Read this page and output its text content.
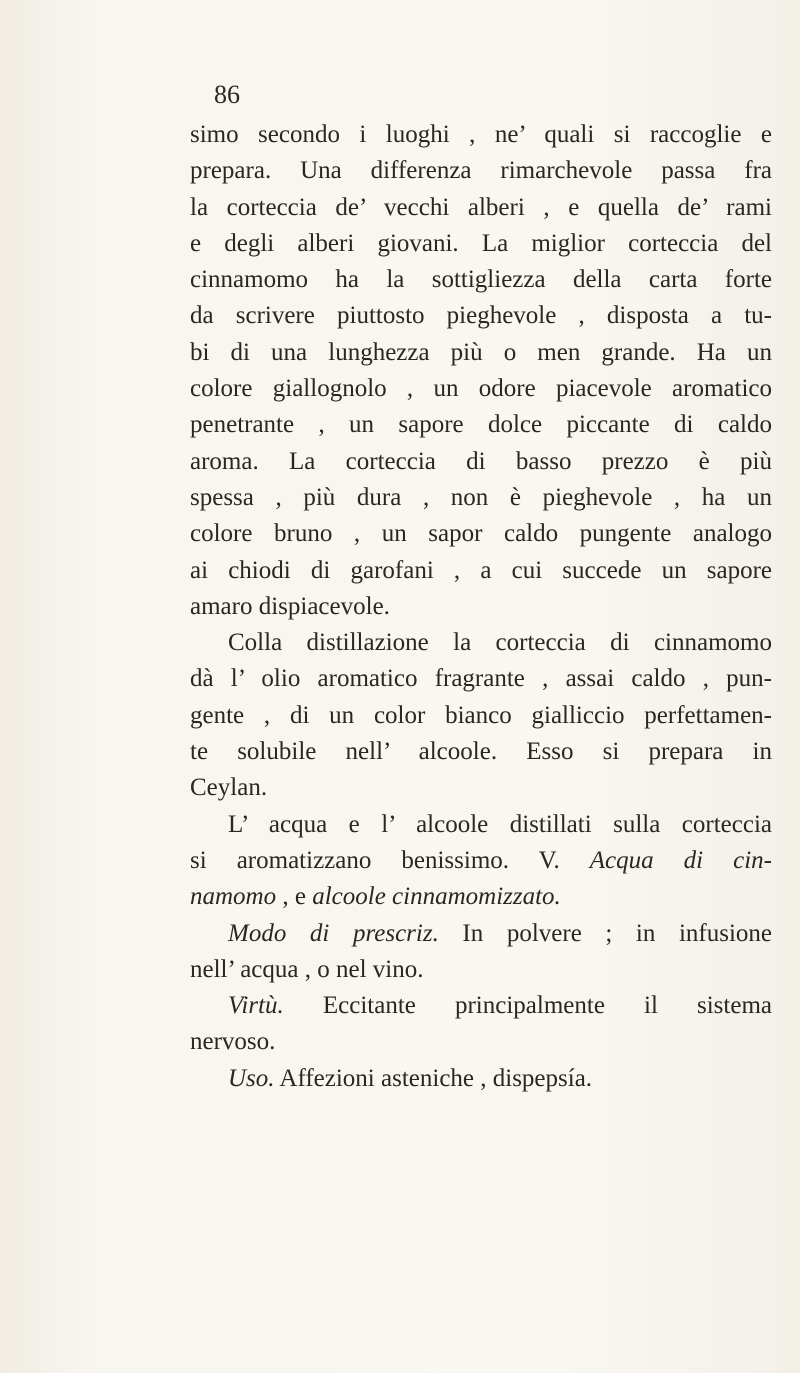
86
simo secondo i luoghi , ne’ quali si raccoglie e
prepara. Una differenza rimarchevole passa fra
la corteccia de’ vecchi alberi , e quella de’ rami
e degli alberi giovani. La miglior corteccia del
cinnamomo ha la sottigliezza della carta forte
da scrivere piuttosto pieghevole , disposta a tu-
bi di una lunghezza più o men grande. Ha un
colore giallognolo , un odore piacevole aromatico
penetrante , un sapore dolce piccante di caldo
aroma. La corteccia di basso prezzo è più
spessa , più dura , non è pieghevole , ha un
colore bruno , un sapor caldo pungente analogo
ai chiodi di garofani , a cui succede un sapore
amaro dispiacevole.
Colla distillazione la corteccia di cinnamomo
dà l’ olio aromatico fragrante , assai caldo , pun-
gente , di un color bianco gialliccio perfettamen-
te solubile nell’ alcoole. Esso si prepara in
Ceylan.
L’ acqua e l’ alcoole distillati sulla corteccia
si aromatizzano benissimo. V. Acqua di cin-
namomo , e alcoole cinnamomizzato.
Modo di prescriz. In polvere ; in infusione
nell’ acqua , o nel vino.
Virtù. Eccitante principalmente il sistema
nervoso.
Uso. Affezioni asteniche , dispepsía.
